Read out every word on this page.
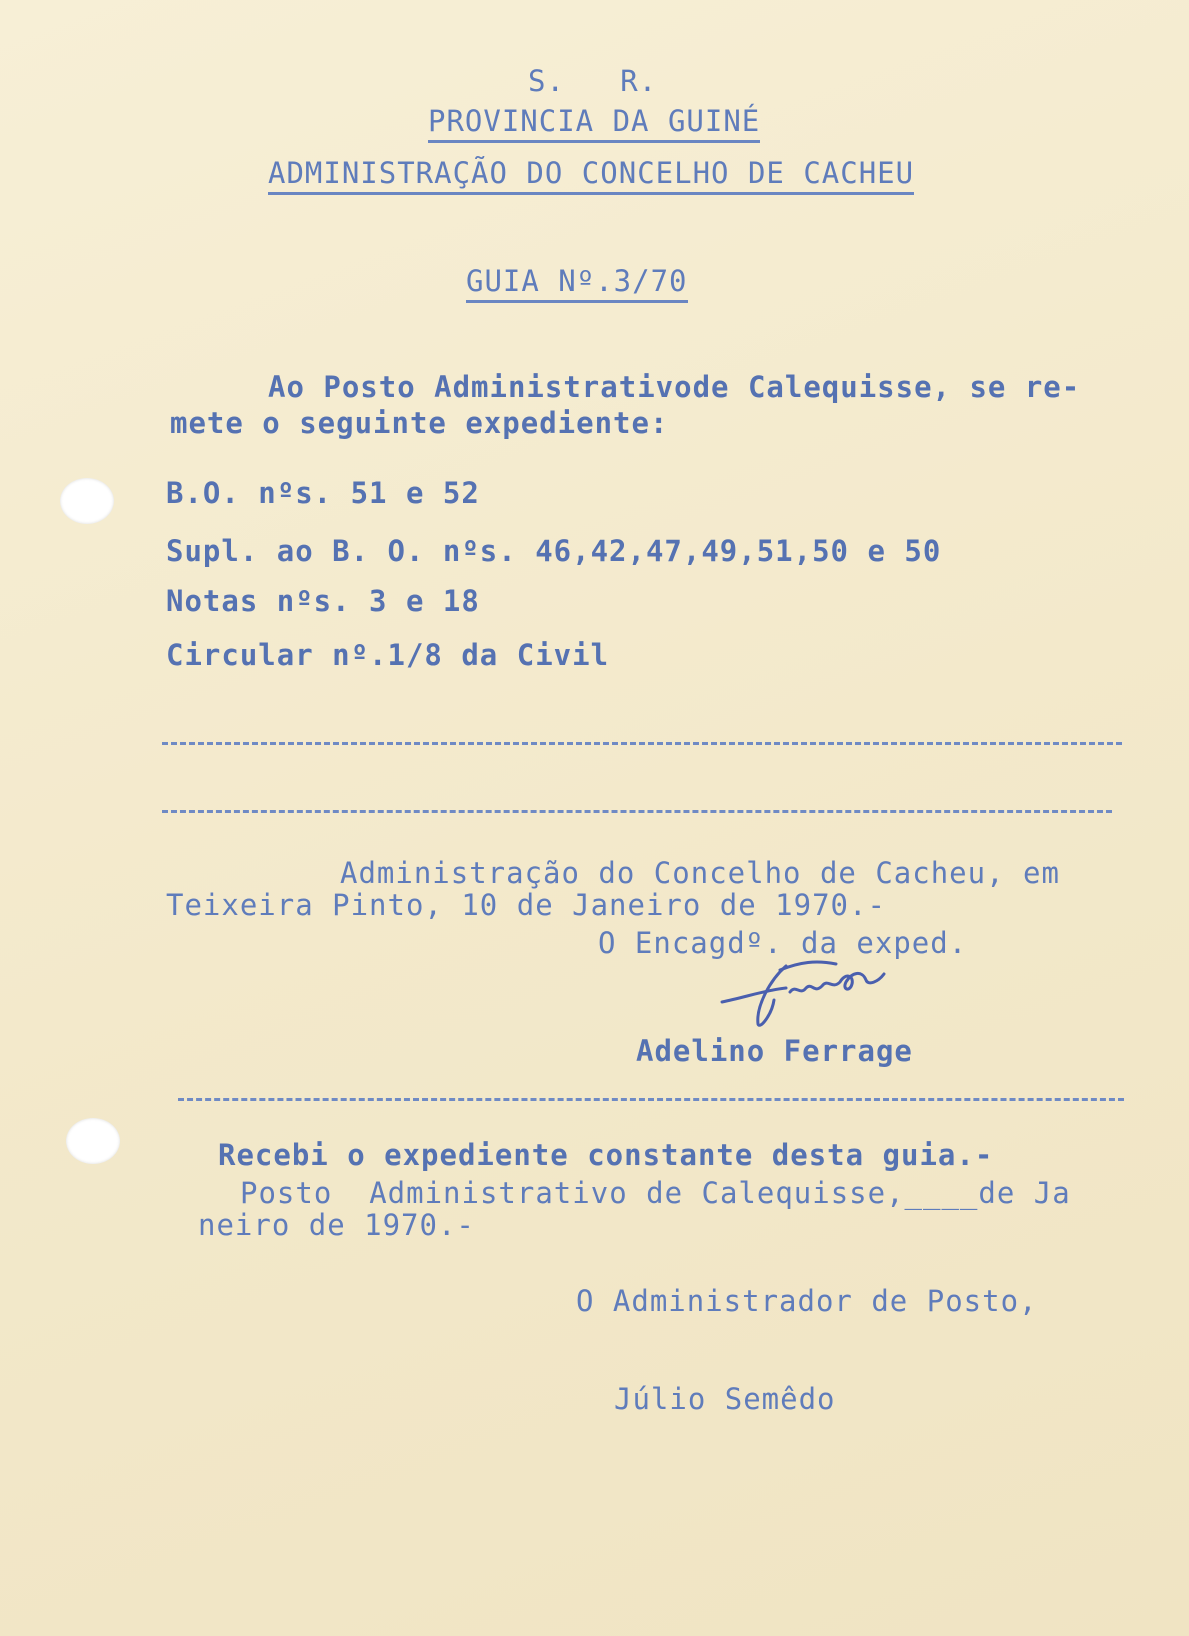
S.   R.
PROVINCIA DA GUINÉ
ADMINISTRAÇÃO DO CONCELHO DE CACHEU
GUIA Nº.3/70
Ao Posto Administrativode Calequisse, se re-
mete o seguinte expediente:
B.O. nºs. 51 e 52
Supl. ao B. O. nºs. 46,42,47,49,51,50 e 50
Notas nºs. 3 e 18
Circular nº.1/8 da Civil
Administração do Concelho de Cacheu, em
Teixeira Pinto, 10 de Janeiro de 1970.-
O Encagdº. da exped.
Adelino Ferrage
Recebi o expediente constante desta guia.-
Posto  Administrativo de Calequisse,____de Ja
neiro de 1970.-
O Administrador de Posto,
Júlio Semêdo
